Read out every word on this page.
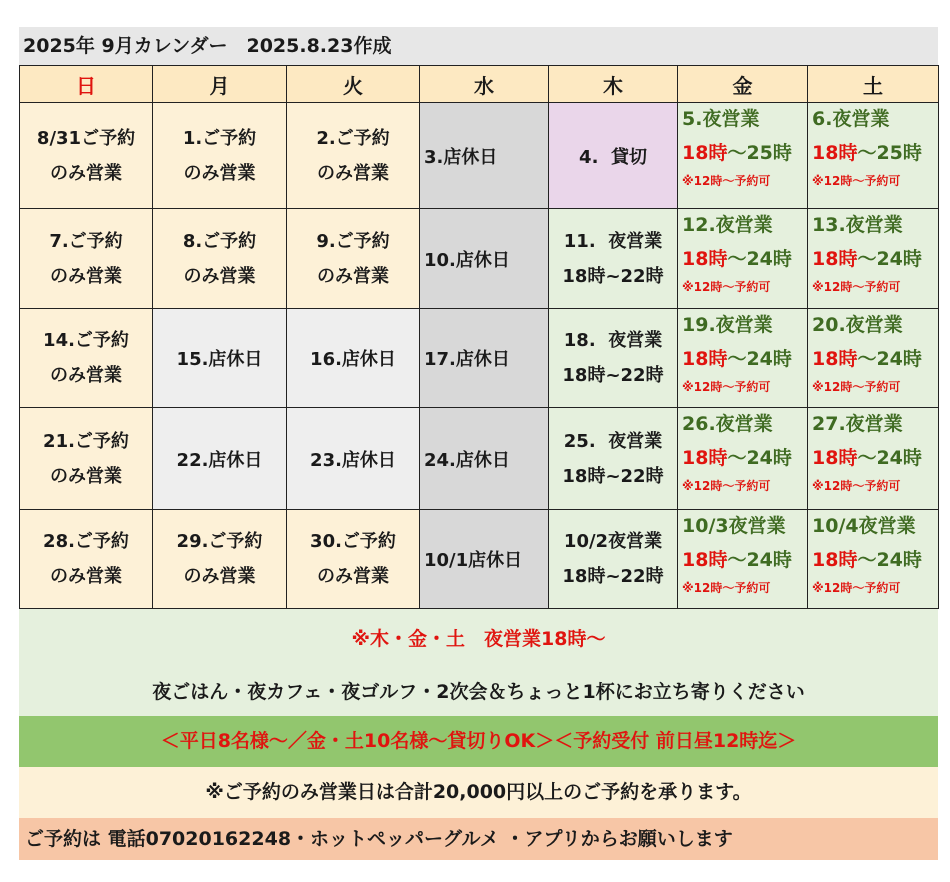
2025年 9月カレンダー　2025.8.23作成
日	月	火	水	木	金	土

8/31ご予約
のみ営業	1.ご予約
のみ営業	2.ご予約
のみ営業	3.店休日	4.  貸切	5.夜営業
18時～25時
※12時～予約可	6.夜営業
18時～25時
※12時～予約可

7.ご予約
のみ営業	8.ご予約
のみ営業	9.ご予約
のみ営業	10.店休日	11.  夜営業
18時~22時	12.夜営業
18時～24時
※12時～予約可	13.夜営業
18時～24時
※12時～予約可

14.ご予約
のみ営業	15.店休日	16.店休日	17.店休日	18.  夜営業
18時~22時	19.夜営業
18時～24時
※12時～予約可	20.夜営業
18時～24時
※12時～予約可

21.ご予約
のみ営業	22.店休日	23.店休日	24.店休日	25.  夜営業
18時~22時	26.夜営業
18時～24時
※12時～予約可	27.夜営業
18時～24時
※12時～予約可

28.ご予約
のみ営業	29.ご予約
のみ営業	30.ご予約
のみ営業	10/1店休日	10/2夜営業
18時~22時	10/3夜営業
18時～24時
※12時～予約可	10/4夜営業
18時～24時
※12時～予約可
※木・金・土　夜営業18時～
夜ごはん・夜カフェ・夜ゴルフ・2次会＆ちょっと1杯にお立ち寄りください
＜平日8名様～／金・土10名様～貸切りOK＞＜予約受付 前日昼12時迄＞
※ご予約のみ営業日は合計20,000円以上のご予約を承ります。
ご予約は 電話07020162248・ホットペッパーグルメ ・アプリからお願いします
